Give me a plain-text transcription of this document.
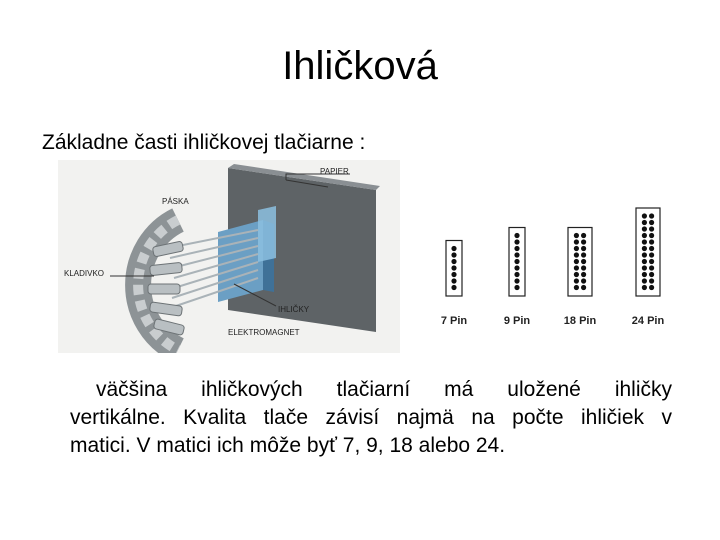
Ihličková
Základne časti ihličkovej tlačiarne :
PAPIER
PÁSKA
KLADIVKO
IHLIČKY
ELEKTROMAGNET
7 Pin	9 Pin	18 Pin	24 Pin
väčšina ihličkových tlačiarní má uložené ihličky
vertikálne. Kvalita tlače závisí najmä na počte ihličiek v
matici. V matici ich môže byť 7, 9, 18 alebo 24.
